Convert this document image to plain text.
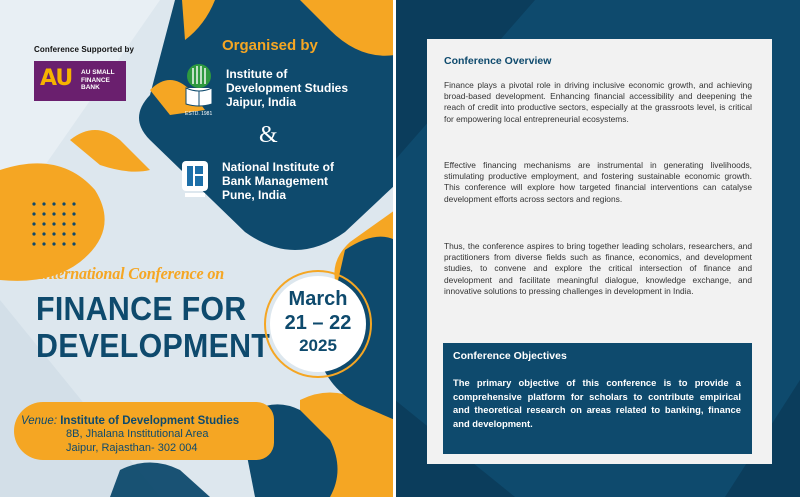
Conference Supported by
AU AU SMALL FINANCE BANK
Organised by
ESTD. 1981
Institute of
Development Studies
Jaipur, India
&
National Institute of
Bank Management
Pune, India
International Conference on
FINANCE FOR
DEVELOPMENT
March
21 – 22
2025
Venue: Institute of Development Studies
8B, Jhalana Institutional Area
Jaipur, Rajasthan- 302 004
Conference Overview
Finance plays a pivotal role in driving inclusive economic growth, and achieving broad-based development. Enhancing financial accessibility and deepening the reach of credit into productive sectors, especially at the grassroots level, is critical for empowering local entrepreneurial ecosystems.
Effective financing mechanisms are instrumental in generating livelihoods, stimulating productive employment, and fostering sustainable economic growth. This conference will explore how targeted financial interventions can catalyse development efforts across sectors and regions.
Thus, the conference aspires to bring together leading scholars, researchers, and practitioners from diverse fields such as finance, economics, and development studies, to convene and explore the critical intersection of finance and development and facilitate meaningful dialogue, knowledge exchange, and innovative solutions to pressing challenges in development in India.
Conference Objectives
The primary objective of this conference is to provide a comprehensive platform for scholars to contribute empirical and theoretical research on areas related to banking, finance and development.
